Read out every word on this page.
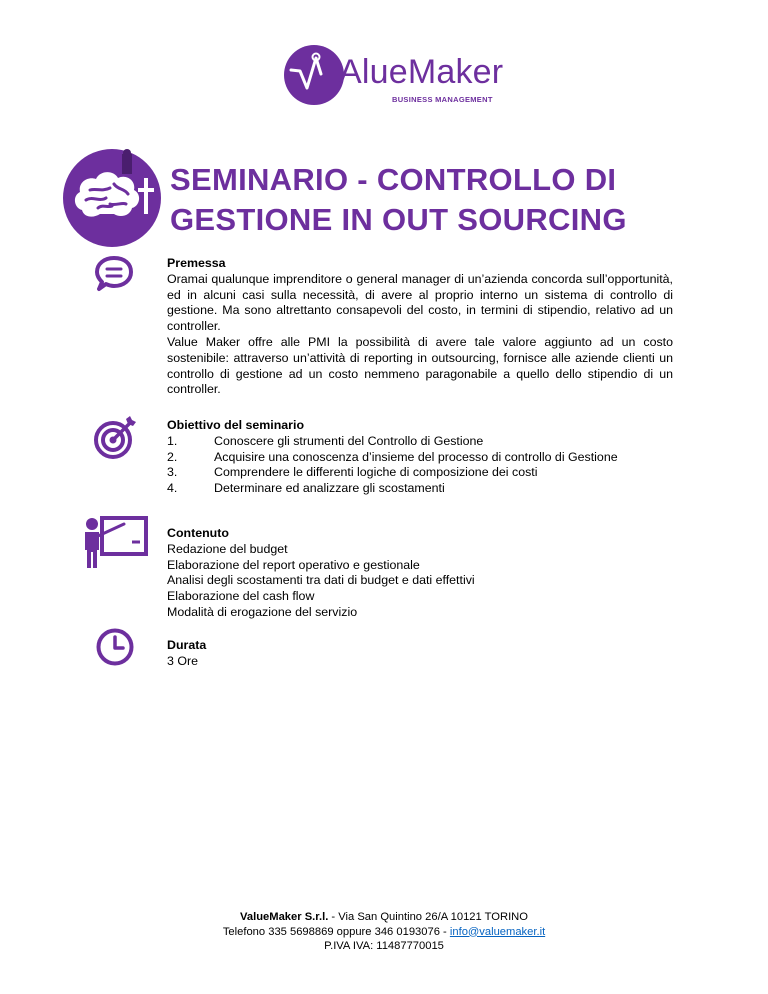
AlueMaker
BUSINESS MANAGEMENT
SEMINARIO - CONTROLLO DI
GESTIONE IN OUT SOURCING
Premessa
Oramai qualunque imprenditore o general manager di un’azienda concorda sull’opportunità, ed in alcuni casi sulla necessità, di avere al proprio interno un sistema di controllo di gestione. Ma sono altrettanto consapevoli del costo, in termini di stipendio, relativo ad un controller.
Value Maker offre alle PMI la possibilità di avere tale valore aggiunto ad un costo sostenibile: attraverso un’attività di reporting in outsourcing, fornisce alle aziende clienti un controllo di gestione ad un costo nemmeno paragonabile a quello dello stipendio di un controller.
Obiettivo del seminario
1.	Conoscere gli strumenti del Controllo di Gestione
2.	Acquisire una conoscenza d’insieme del processo di controllo di Gestione
3.	Comprendere le differenti logiche di composizione dei costi
4.	Determinare ed analizzare gli scostamenti
Contenuto
Redazione del budget
Elaborazione del report operativo e gestionale
Analisi degli scostamenti tra dati di budget e dati effettivi
Elaborazione del cash flow
Modalità di erogazione del servizio
Durata
3 Ore
ValueMaker S.r.l. - Via San Quintino 26/A 10121 TORINO
Telefono 335 5698869 oppure 346 0193076 - info@valuemaker.it
P.IVA IVA: 11487770015
